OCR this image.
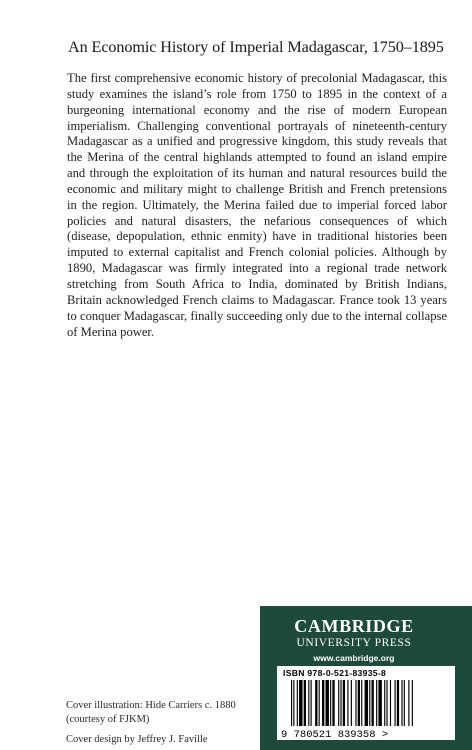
An Economic History of Imperial Madagascar, 1750–1895
The first comprehensive economic history of precolonial Madagascar, this study examines the island’s role from 1750 to 1895 in the context of a burgeoning international economy and the rise of modern European imperialism. Challenging conventional portrayals of nineteenth-century Madagascar as a unified and progressive kingdom, this study reveals that the Merina of the central highlands attempted to found an island empire and through the exploitation of its human and natural resources build the economic and military might to challenge British and French pretensions in the region. Ultimately, the Merina failed due to imperial forced labor policies and natural disasters, the nefarious consequences of which (disease, depopulation, ethnic enmity) have in traditional histories been imputed to external capitalist and French colonial policies. Although by 1890, Madagascar was firmly integrated into a regional trade network stretching from South Africa to India, dominated by British Indians, Britain acknowledged French claims to Madagascar. France took 13 years to conquer Madagascar, finally succeeding only due to the internal collapse of Merina power.
CAMBRIDGE
UNIVERSITY PRESS
www.cambridge.org
9 780521 839358 >
ISBN 978-0-521-83935-8
Cover illustration: Hide Carriers c. 1880
(courtesy of FJKM)
Cover design by Jeffrey J. Faville
